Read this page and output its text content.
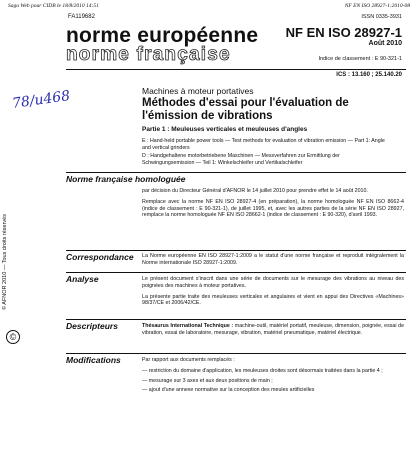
Saga Web pour CIDB le 18/8/2010 14:51	NF EN ISO 28927-1:2010-08
FA119682	ISSN 0335-3931
norme européenne
norme française
NF EN ISO 28927-1
Août 2010
Indice de classement : E 90-321-1
ICS : 13.160 ; 25.140.20
78/u468	Machines à moteur portatives
Méthodes d'essai pour l'évaluation de l'émission de vibrations
Partie 1 : Meuleuses verticales et meuleuses d'angles
E : Hand-held portable power tools — Test methods for evaluation of vibration emission — Part 1: Angle and vertical grinders
D : Handgehaltene motorbetriebene Maschinen — Messverfahren zur Ermittlung der Schwingungsemission — Teil 1: Winkelschleifer und Vertikalschleifer
Norme française homologuée

par décision du Directeur Général d'AFNOR le 14 juillet 2010 pour prendre effet le 14 août 2010.

Remplace avec la norme NF EN ISO 28927-4 (en préparation), la norme homologuée NF EN ISO 8662-4 (indice de classement : E 90-321-1), de juillet 1995, et, avec les autres parties de la série NF EN ISO 28927, remplace la norme homologuée NF EN ISO 28662-1 (indice de classement : E 90-320), d'avril 1993.

Correspondance La Norme européenne EN ISO 28927-1:2009 a le statut d'une norme française et reproduit intégralement la Norme internationale ISO 28927-1:2009.

Analyse	Le présent document s'inscrit dans une série de documents sur le mesurage des vibrations au niveau des poignées des machines à moteur portatives.

La présente partie traite des meuleuses verticales et angulaires et vient en appui des Directives «Machines» 98/37/CE et 2006/42/CE.

Descripteurs	Thésaurus International Technique : machine-outil, matériel portatif, meuleuse, dimension, poignée, essai de vibration, essai de laboratoire, mesurage, vibration, matériel pneumatique, matériel électrique.

Modifications	Par rapport aux documents remplacés :

— restriction du domaine d'application, les meuleuses droites sont désormais traitées dans la partie 4 ;
— mesurage sur 3 axes et aux deux positions de main ;
— ajout d'une annexe normative sur la conception des meules artificielles
© AFNOR 2010 — Tous droits réservés
©
